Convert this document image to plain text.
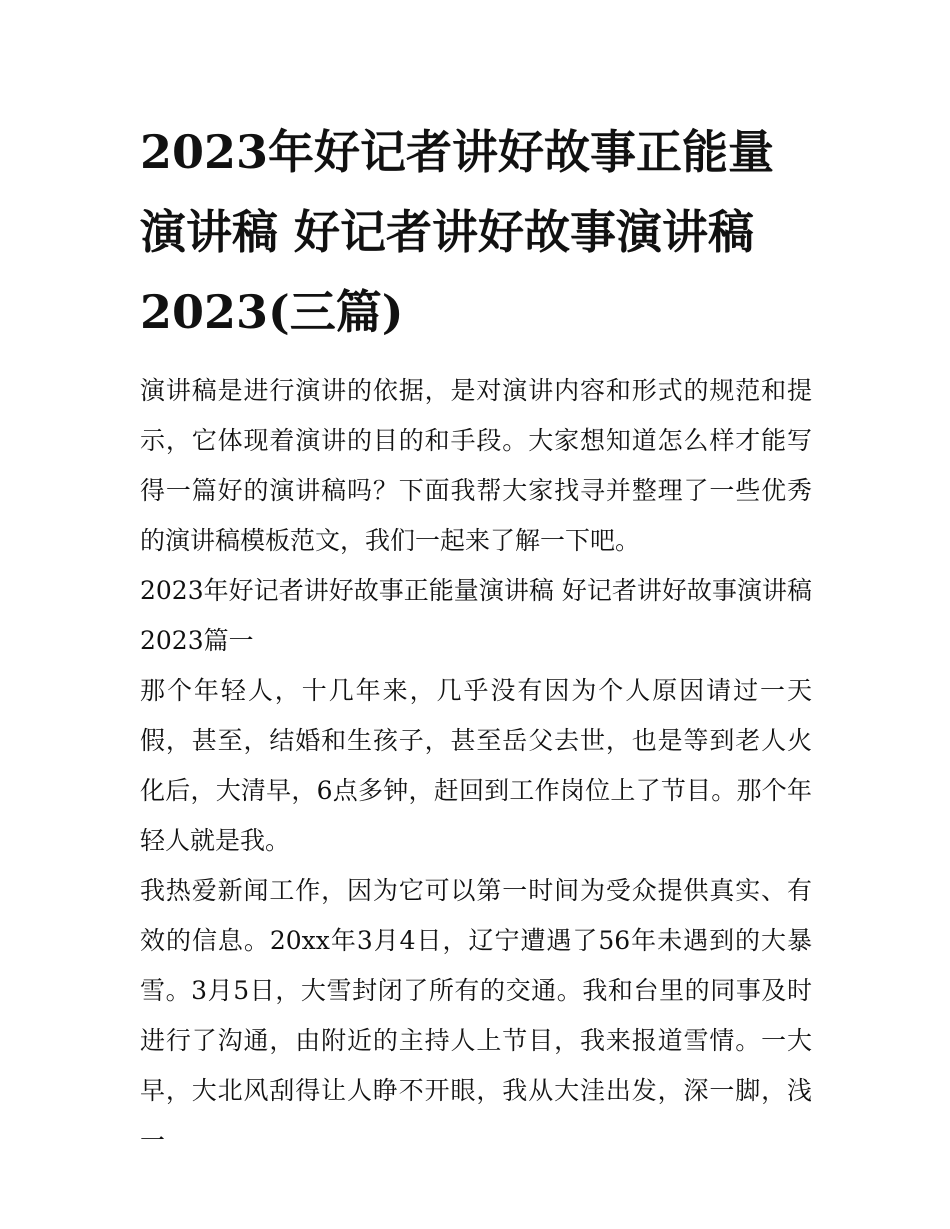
2023年好记者讲好故事正能量演讲稿 好记者讲好故事演讲稿2023(三篇)

演讲稿是进行演讲的依据，是对演讲内容和形式的规范和提示，它体现着演讲的目的和手段。大家想知道怎么样才能写得一篇好的演讲稿吗？下面我帮大家找寻并整理了一些优秀的演讲稿模板范文，我们一起来了解一下吧。

2023年好记者讲好故事正能量演讲稿 好记者讲好故事演讲稿2023篇一

那个年轻人，十几年来，几乎没有因为个人原因请过一天假，甚至，结婚和生孩子，甚至岳父去世，也是等到老人火化后，大清早，6点多钟，赶回到工作岗位上了节目。那个年轻人就是我。

我热爱新闻工作，因为它可以第一时间为受众提供真实、有效的信息。20xx年3月4日，辽宁遭遇了56年未遇到的大暴雪。3月5日，大雪封闭了所有的交通。我和台里的同事及时进行了沟通，由附近的主持人上节目，我来报道雪情。一大早，大北风刮得让人睁不开眼，我从大洼出发，深一脚，浅一
